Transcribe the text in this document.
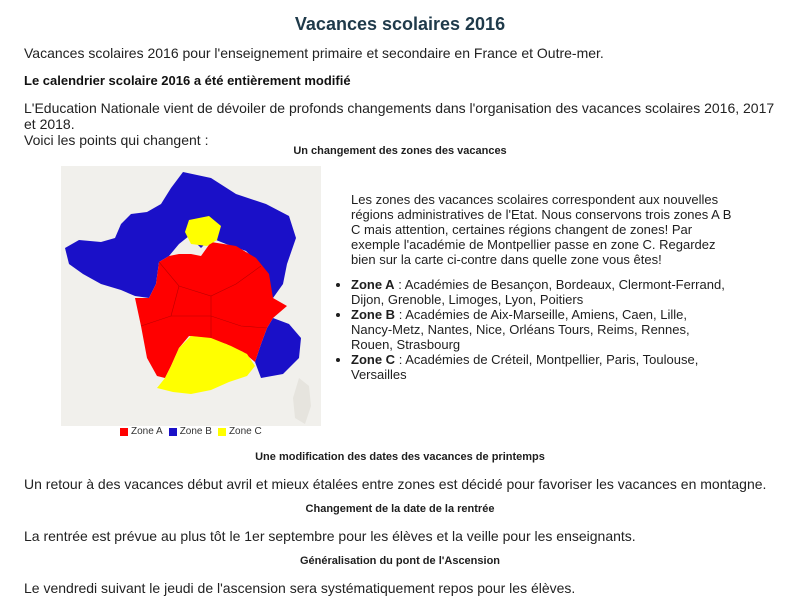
Vacances scolaires 2016
Vacances scolaires 2016 pour l'enseignement primaire et secondaire en France et Outre-mer.
Le calendrier scolaire 2016 a été entièrement modifié
L'Education Nationale vient de dévoiler de profonds changements dans l'organisation des vacances scolaires 2016, 2017 et 2018.
Voici les points qui changent :
Un changement des zones des vacances
Zone A Zone B Zone C
Les zones des vacances scolaires correspondent aux nouvelles régions administratives de l'Etat. Nous conservons trois zones A B C mais attention, certaines régions changent de zones! Par exemple l'académie de Montpellier passe en zone C. Regardez bien sur la carte ci-contre dans quelle zone vous êtes!
• Zone A : Académies de Besançon, Bordeaux, Clermont-Ferrand, Dijon, Grenoble, Limoges, Lyon, Poitiers
• Zone B : Académies de Aix-Marseille, Amiens, Caen, Lille, Nancy-Metz, Nantes, Nice, Orléans Tours, Reims, Rennes, Rouen, Strasbourg
• Zone C : Académies de Créteil, Montpellier, Paris, Toulouse, Versailles
Une modification des dates des vacances de printemps
Un retour à des vacances début avril et mieux étalées entre zones est décidé pour favoriser les vacances en montagne.
Changement de la date de la rentrée
La rentrée est prévue au plus tôt le 1er septembre pour les élèves et la veille pour les enseignants.
Généralisation du pont de l'Ascension
Le vendredi suivant le jeudi de l'ascension sera systématiquement repos pour les élèves.
